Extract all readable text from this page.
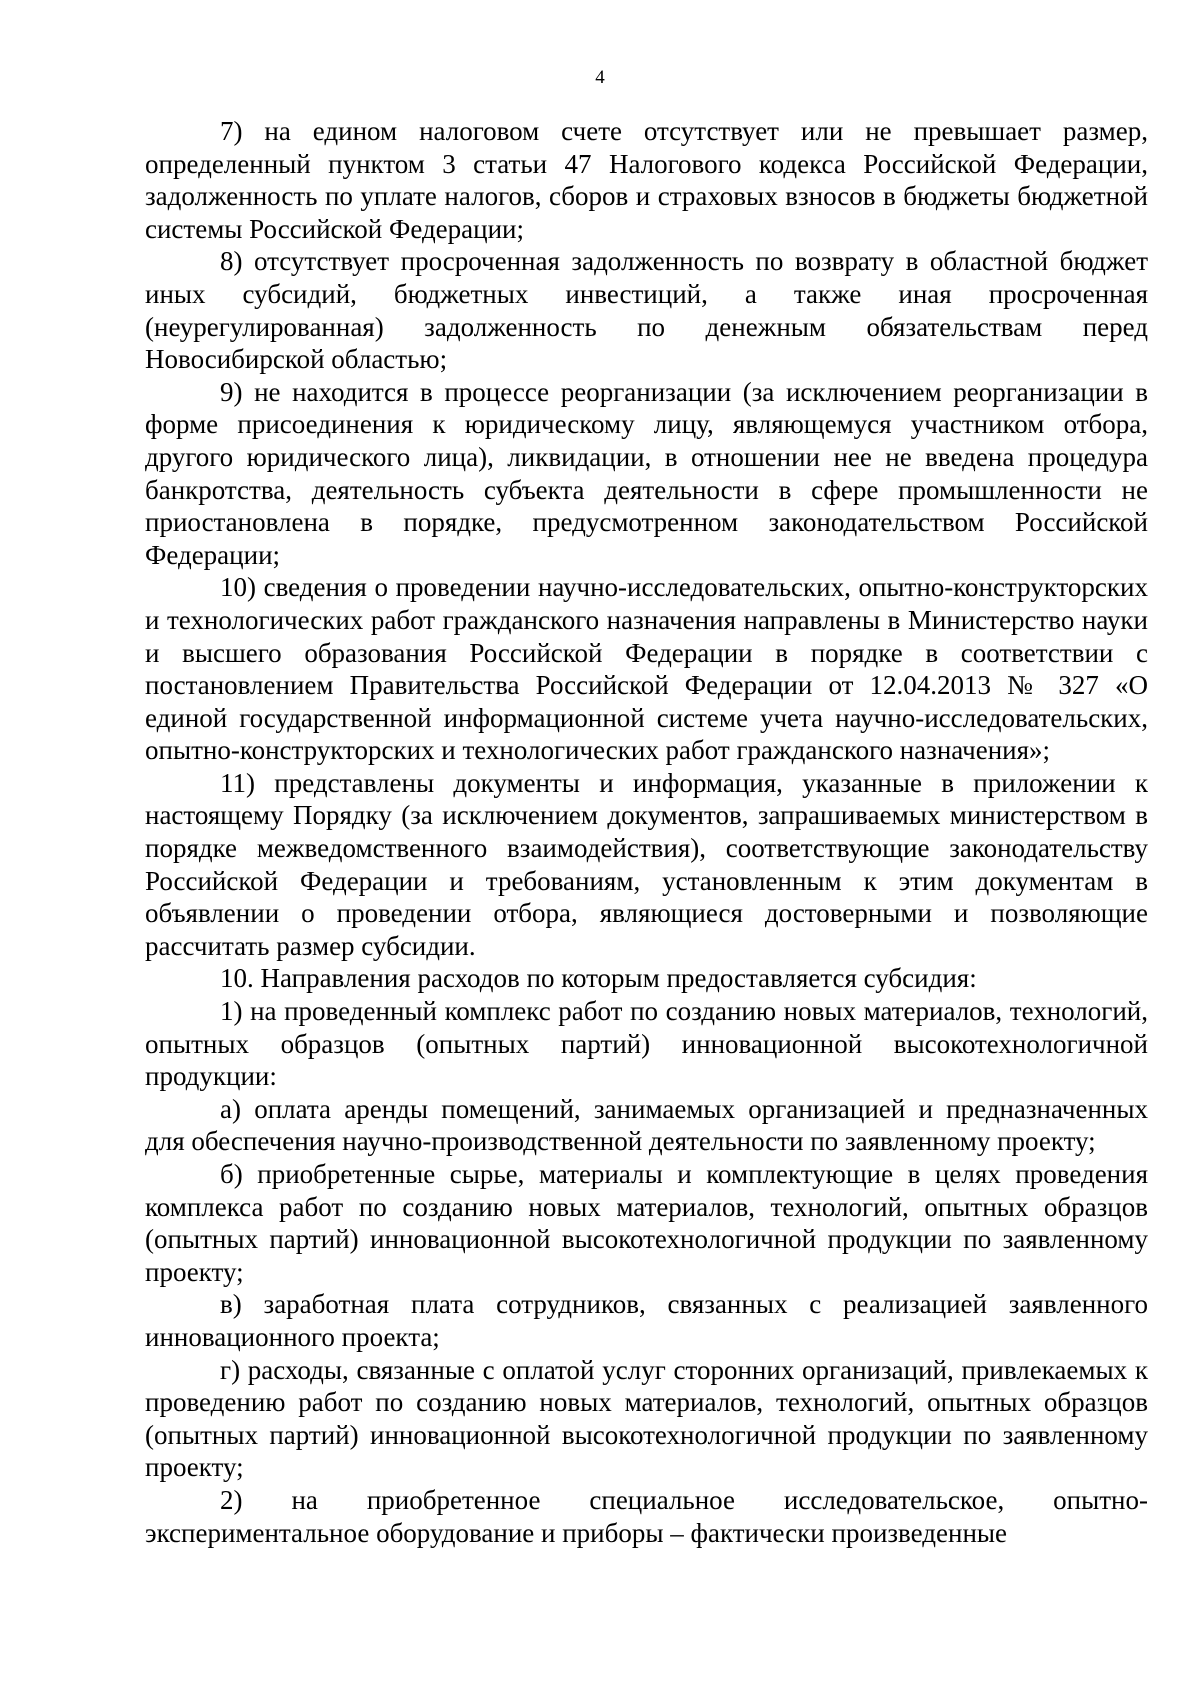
4

7) на едином налоговом счете отсутствует или не превышает размер, определенный пунктом 3 статьи 47 Налогового кодекса Российской Федерации, задолженность по уплате налогов, сборов и страховых взносов в бюджеты бюджетной системы Российской Федерации;

8) отсутствует просроченная задолженность по возврату в областной бюджет иных субсидий, бюджетных инвестиций, а также иная просроченная (неурегулированная) задолженность по денежным обязательствам перед Новосибирской областью;

9) не находится в процессе реорганизации (за исключением реорганизации в форме присоединения к юридическому лицу, являющемуся участником отбора, другого юридического лица), ликвидации, в отношении нее не введена процедура банкротства, деятельность субъекта деятельности в сфере промышленности не приостановлена в порядке, предусмотренном законодательством Российской Федерации;

10) сведения о проведении научно-исследовательских, опытно-конструкторских и технологических работ гражданского назначения направлены в Министерство науки и высшего образования Российской Федерации в порядке в соответствии с постановлением Правительства Российской Федерации от 12.04.2013 № 327 «О единой государственной информационной системе учета научно-исследовательских, опытно-конструкторских и технологических работ гражданского назначения»;

11) представлены документы и информация, указанные в приложении к настоящему Порядку (за исключением документов, запрашиваемых министерством в порядке межведомственного взаимодействия), соответствующие законодательству Российской Федерации и требованиям, установленным к этим документам в объявлении о проведении отбора, являющиеся достоверными и позволяющие рассчитать размер субсидии.

10. Направления расходов по которым предоставляется субсидия:

1) на проведенный комплекс работ по созданию новых материалов, технологий, опытных образцов (опытных партий) инновационной высокотехнологичной продукции:

а) оплата аренды помещений, занимаемых организацией и предназначенных для обеспечения научно-производственной деятельности по заявленному проекту;

б) приобретенные сырье, материалы и комплектующие в целях проведения комплекса работ по созданию новых материалов, технологий, опытных образцов (опытных партий) инновационной высокотехнологичной продукции по заявленному проекту;

в) заработная плата сотрудников, связанных с реализацией заявленного инновационного проекта;

г) расходы, связанные с оплатой услуг сторонних организаций, привлекаемых к проведению работ по созданию новых материалов, технологий, опытных образцов (опытных партий) инновационной высокотехнологичной продукции по заявленному проекту;

2) на приобретенное специальное исследовательское, опытно-экспериментальное оборудование и приборы – фактически произведенные
